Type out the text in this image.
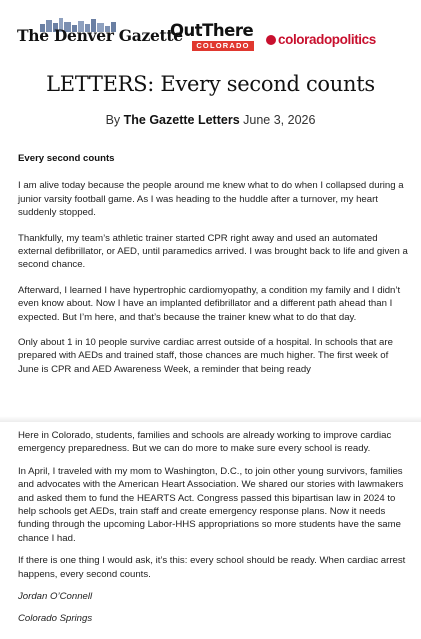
The Denver Gazette
OutThere
COLORADO	coloradopolitics
LETTERS: Every second counts
By The Gazette Letters June 3, 2026

Every second counts

I am alive today because the people around me knew what to do when I collapsed during a junior varsity football game. As I was heading to the huddle after a turnover, my heart suddenly stopped.

Thankfully, my team’s athletic trainer started CPR right away and used an automated external defibrillator, or AED, until paramedics arrived. I was brought back to life and given a second chance.

Afterward, I learned I have hypertrophic cardiomyopathy, a condition my family and I didn’t even know about. Now I have an implanted defibrillator and a different path ahead than I expected. But I’m here, and that’s because the trainer knew what to do that day.

Only about 1 in 10 people survive cardiac arrest outside of a hospital. In schools that are prepared with AEDs and trained staff, those chances are much higher. The first week of June is CPR and AED Awareness Week, a reminder that being ready

Here in Colorado, students, families and schools are already working to improve cardiac emergency preparedness. But we can do more to make sure every school is ready.

In April, I traveled with my mom to Washington, D.C., to join other young survivors, families and advocates with the American Heart Association. We shared our stories with lawmakers and asked them to fund the HEARTS Act. Congress passed this bipartisan law in 2024 to help schools get AEDs, train staff and create emergency response plans. Now it needs funding through the upcoming Labor-HHS appropriations so more students have the same chance I had.

If there is one thing I would ask, it’s this: every school should be ready. When cardiac arrest happens, every second counts.

Jordan O’Connell

Colorado Springs
